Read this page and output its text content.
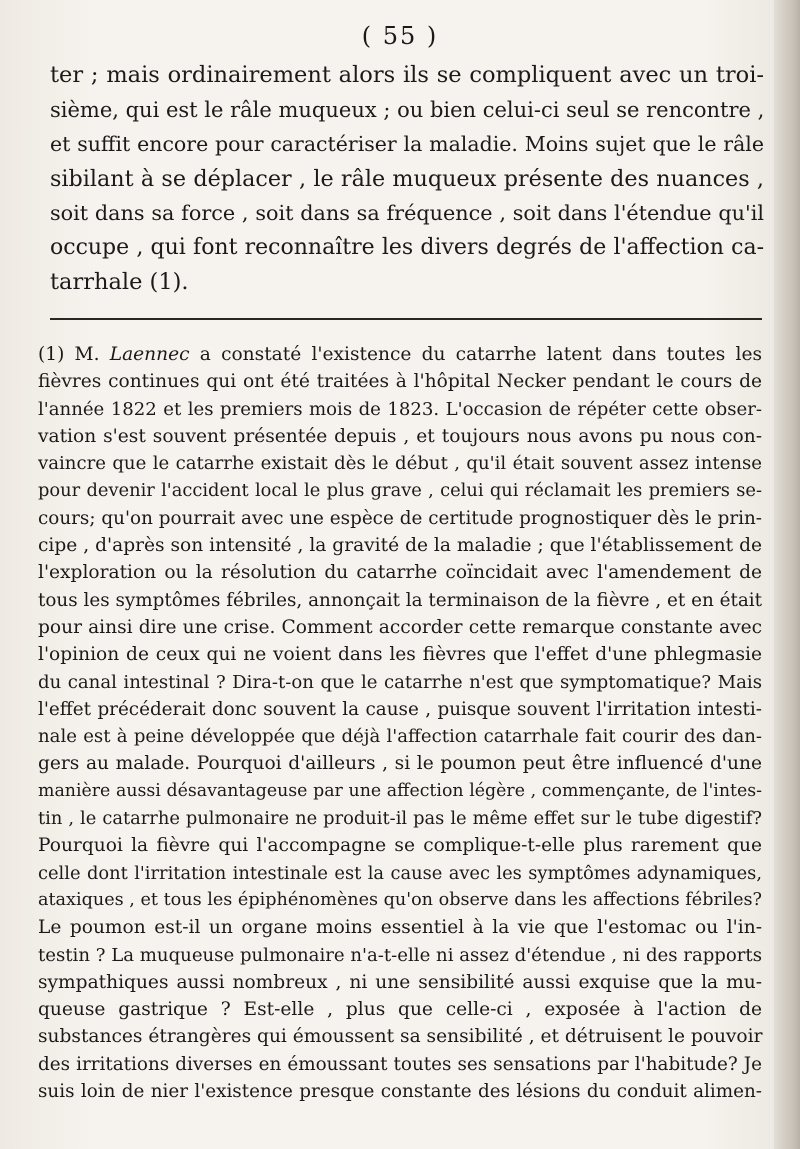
( 55 )
ter ; mais ordinairement alors ils se compliquent avec un troi-
sième, qui est le râle muqueux ; ou bien celui-ci seul se rencontre ,
et suffit encore pour caractériser la maladie. Moins sujet que le râle
sibilant à se déplacer , le râle muqueux présente des nuances ,
soit dans sa force , soit dans sa fréquence , soit dans l'étendue qu'il
occupe , qui font reconnaître les divers degrés de l'affection ca-
tarrhale (1).
(1) M. Laennec a constaté l'existence du catarrhe latent dans toutes les
fièvres continues qui ont été traitées à l'hôpital Necker pendant le cours de
l'année 1822 et les premiers mois de 1823. L'occasion de répéter cette obser-
vation s'est souvent présentée depuis , et toujours nous avons pu nous con-
vaincre que le catarrhe existait dès le début , qu'il était souvent assez intense
pour devenir l'accident local le plus grave , celui qui réclamait les premiers se-
cours; qu'on pourrait avec une espèce de certitude prognostiquer dès le prin-
cipe , d'après son intensité , la gravité de la maladie ; que l'établissement de
l'exploration ou la résolution du catarrhe coïncidait avec l'amendement de
tous les symptômes fébriles, annonçait la terminaison de la fièvre , et en était
pour ainsi dire une crise. Comment accorder cette remarque constante avec
l'opinion de ceux qui ne voient dans les fièvres que l'effet d'une phlegmasie
du canal intestinal ? Dira-t-on que le catarrhe n'est que symptomatique? Mais
l'effet précéderait donc souvent la cause , puisque souvent l'irritation intesti-
nale est à peine développée que déjà l'affection catarrhale fait courir des dan-
gers au malade. Pourquoi d'ailleurs , si le poumon peut être influencé d'une
manière aussi désavantageuse par une affection légère , commençante, de l'intes-
tin , le catarrhe pulmonaire ne produit-il pas le même effet sur le tube digestif?
Pourquoi la fièvre qui l'accompagne se complique-t-elle plus rarement que
celle dont l'irritation intestinale est la cause avec les symptômes adynamiques,
ataxiques , et tous les épiphénomènes qu'on observe dans les affections fébriles?
Le poumon est-il un organe moins essentiel à la vie que l'estomac ou l'in-
testin ? La muqueuse pulmonaire n'a-t-elle ni assez d'étendue , ni des rapports
sympathiques aussi nombreux , ni une sensibilité aussi exquise que la mu-
queuse gastrique ? Est-elle , plus que celle-ci , exposée à l'action de
substances étrangères qui émoussent sa sensibilité , et détruisent le pouvoir
des irritations diverses en émoussant toutes ses sensations par l'habitude? Je
suis loin de nier l'existence presque constante des lésions du conduit alimen-
